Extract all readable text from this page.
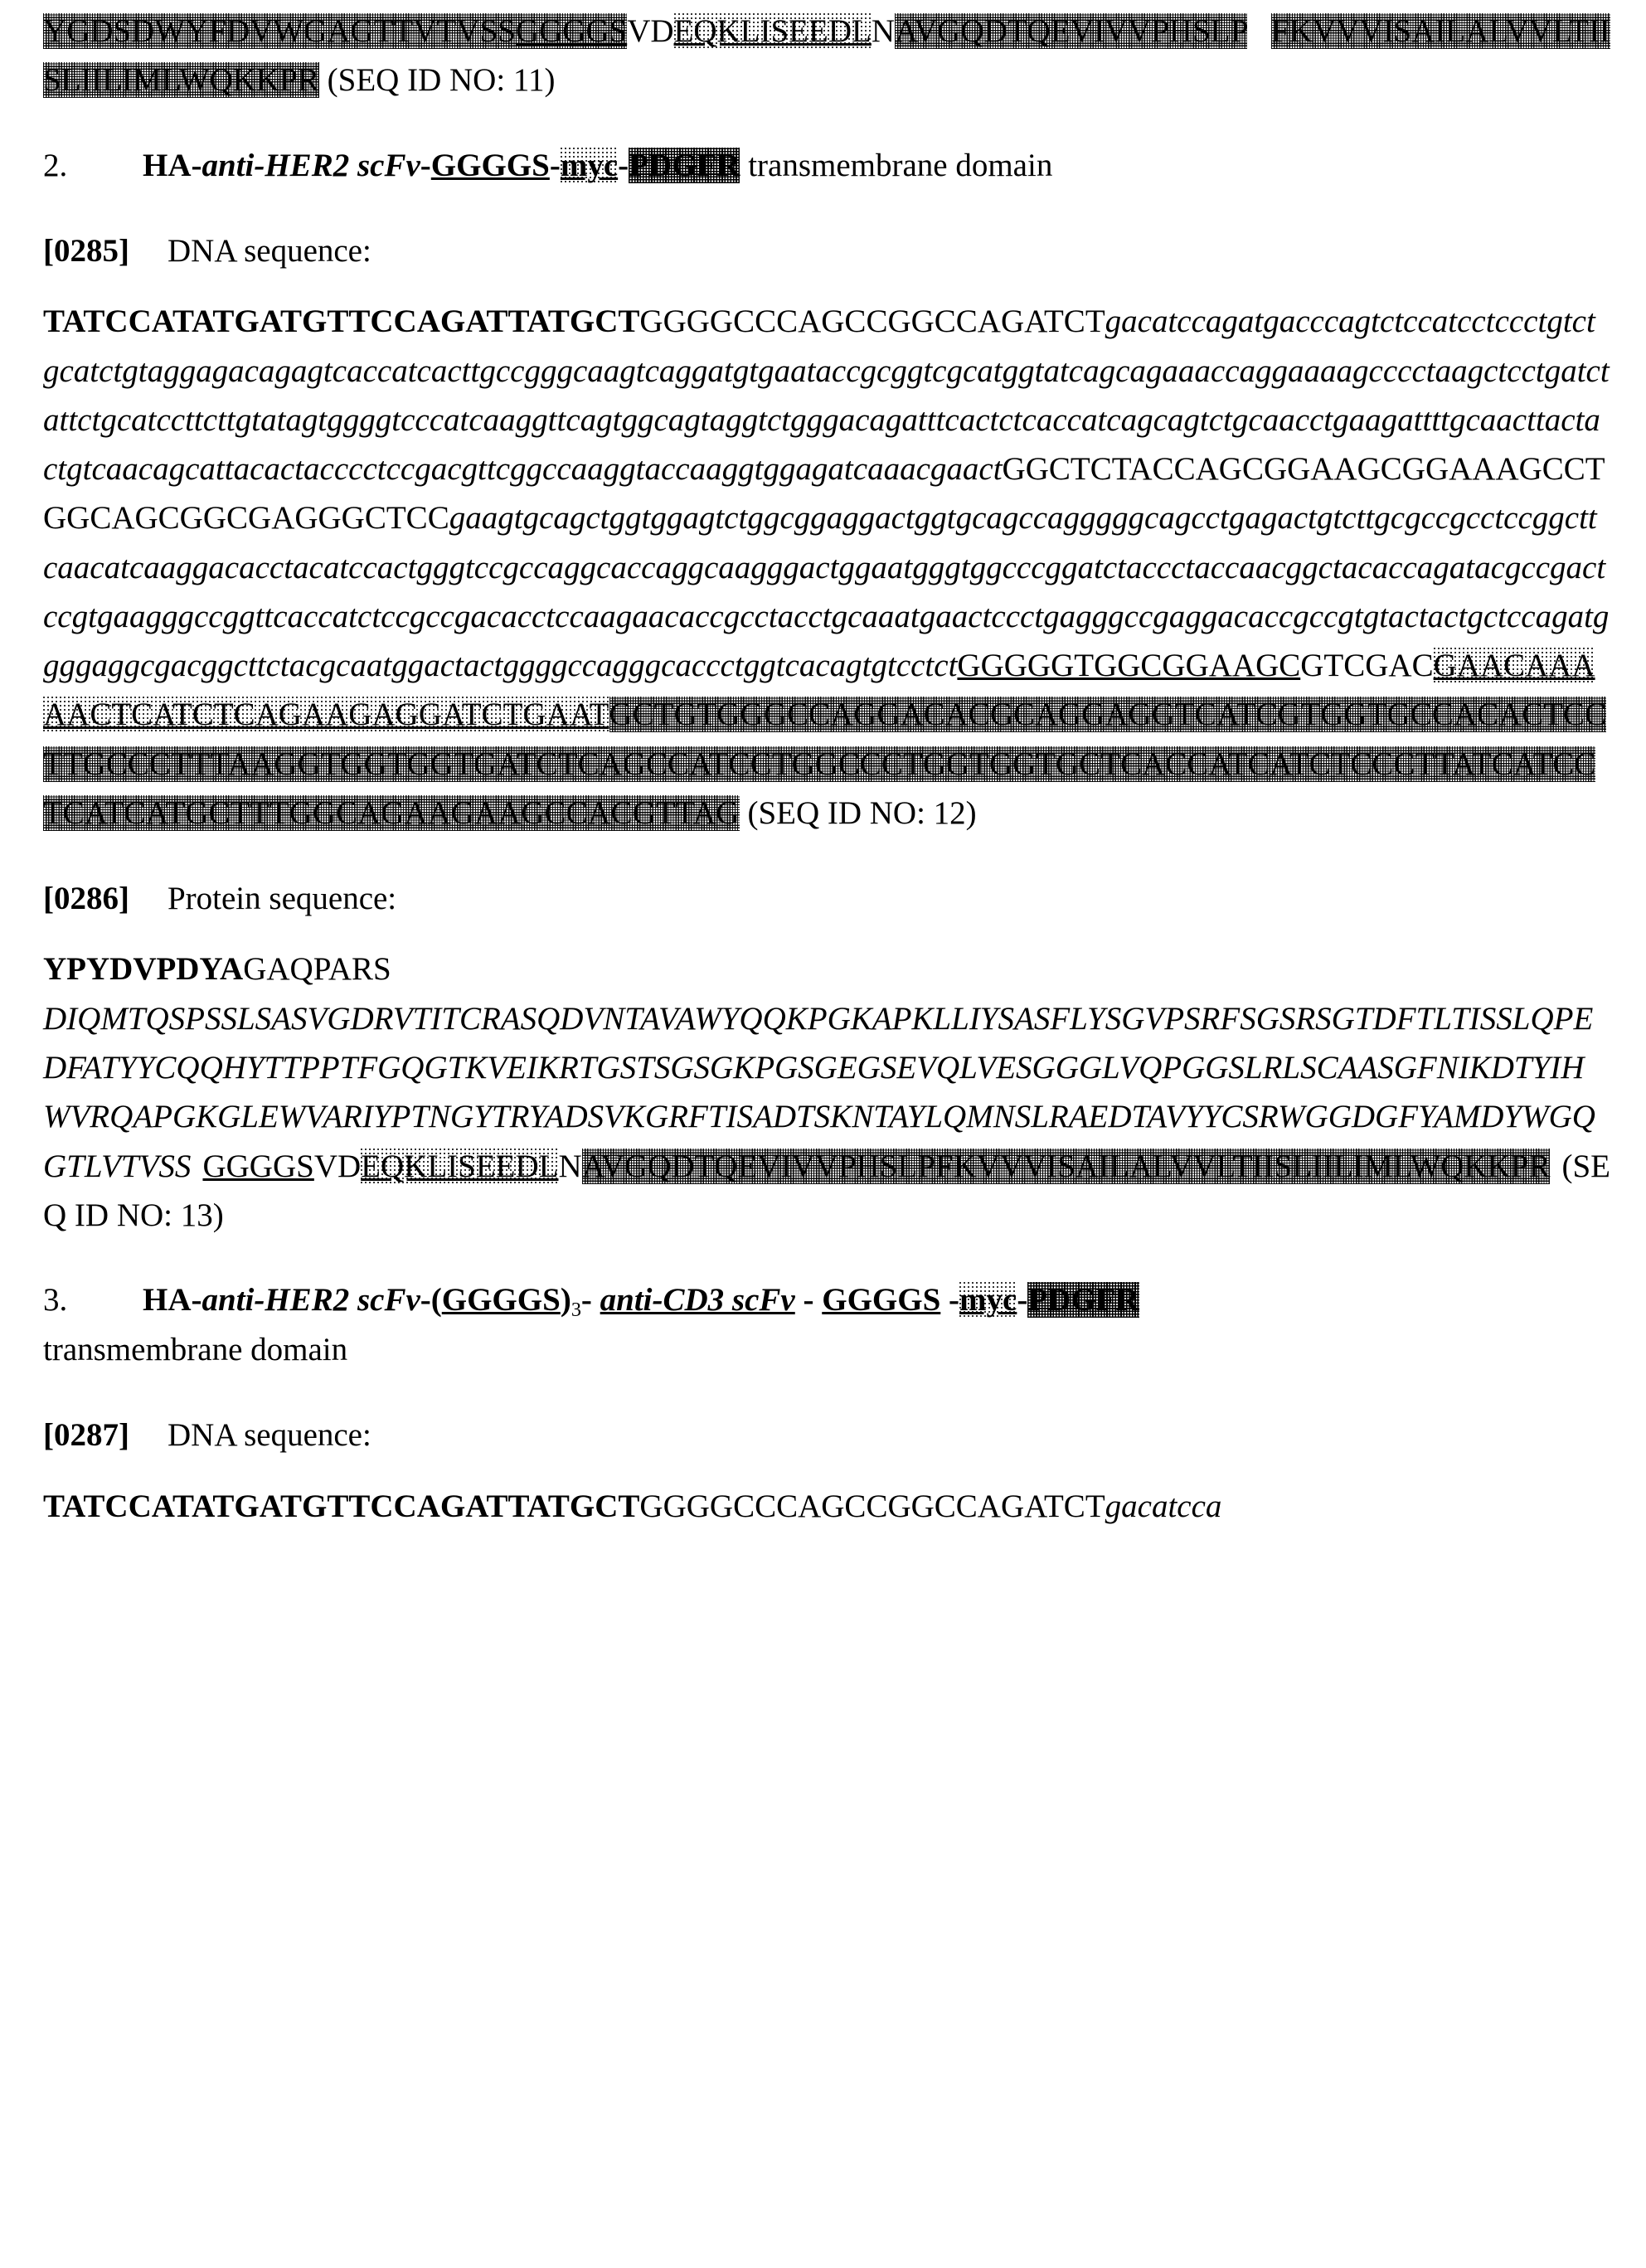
YGDSDWYFDVWGAGTTVTVSSGGGGSVDEQKLISEEDLNAVGQDTQEVIVVPHSLP FKVVVISAILALVVLTIISLIILIMLWQKKPR (SEQ ID NO: 11)

2. HA-anti-HER2 scFv-GGGGS-myc-PDGFR transmembrane domain

[0285] DNA sequence:

TATCCATATGATGTTCCAGATTATGCTGGGGCCCAGCCGGCCAGATCTgacatccagatgacccagtctccatcctccctgtctgcatctgtaggagacagagtcaccatcacttgccgggcaagtcaggatgtgaataccgcggtcgcatggtatcagcagaaaccaggaaaagcccctaagctcctgatctattctgcatccttcttgtatagtggggtcccatcaaggttcagtggcagtaggtctgggacagatttcactctcaccatcagcagtctgcaacctgaagattttgcaacttactactgtcaacagcattacactacccctccgacgttcggccaaggtaccaaggtggagatcaaacgaactGGCTCTACCAGCGGAAGCGGAAAGCCTGGCAGCGGCGAGGGCTCCgaagtgcagctggtggagtctggcggaggactggtgcagccagggggcagcctgagactgtcttgcgccgcctccggcttcaacatcaaggacacctacatccactgggtccgccaggcaccaggcaagggactggaatgggtggcccggatctaccctaccaacggctacaccagatacgccgactccgtgaagggccggttcaccatctccgccgacacctccaagaacaccgcctacctgcaaatgaactccctgagggccgaggacaccgccgtgtactactgctccagatggggaggcgacggcttctacgcaatggactactggggccagggcaccctggtcacagtgtcctctGGGGGTGGCGGAAGCGTCGACGAACAAAAACTCATCTCAGAAGAGGATCTGAATGCTGTGGGCCAGGACACGCAGGAGGTCATCGTGGTGCCACACTCCTTGCCCTTTAAGGTGGTGGTGATCTCAGCCATCCTGGCCCTGGTGGTGCTCACCATCATCTCCCTTATCATCCTCATCATGCTTTGGCAGAAGAAGCCACGTTAG (SEQ ID NO: 12)

[0286] Protein sequence:

YPYDVPDYAGAQPARS

DIQMTQSPSSLSASVGDRVTITCRASQDVNTAVAWYQQKPGKAPKLLIYSASFLYSGVPSRFSGSRSGTDFTLTISSLQPEDFATYYCQQHYTTPPTFGQGTKVEIKRTGSTSGSGKPGSGEGSEVQLVESGGGLVQPGGSLRLSCAASGFNIKDTYIHWVRQAPGKGLEWVARIYPTNGYTRYADSVKGRFTISADTSKNTAYLQMNSLRAEDTAVYYCSRWGGDGFYAMDYWGQGTLVTVSS GGGGSVDEQKLISEEDLNAVGQDTQEVIVVPHSLPFKVVVISAILALVVLTIISLIILIMLWQKKPR (SEQ ID NO: 13)

3. HA-anti-HER2 scFv-$(GGGGS)_3-$ anti-CD3 scFv - GGGGS -myc-PDGFR

transmembrane domain

[0287] DNA sequence:

TATCCATATGATGTTCCAGATTATGCTGGGGCCCAGCCGGCCAGATCTgacatcca
